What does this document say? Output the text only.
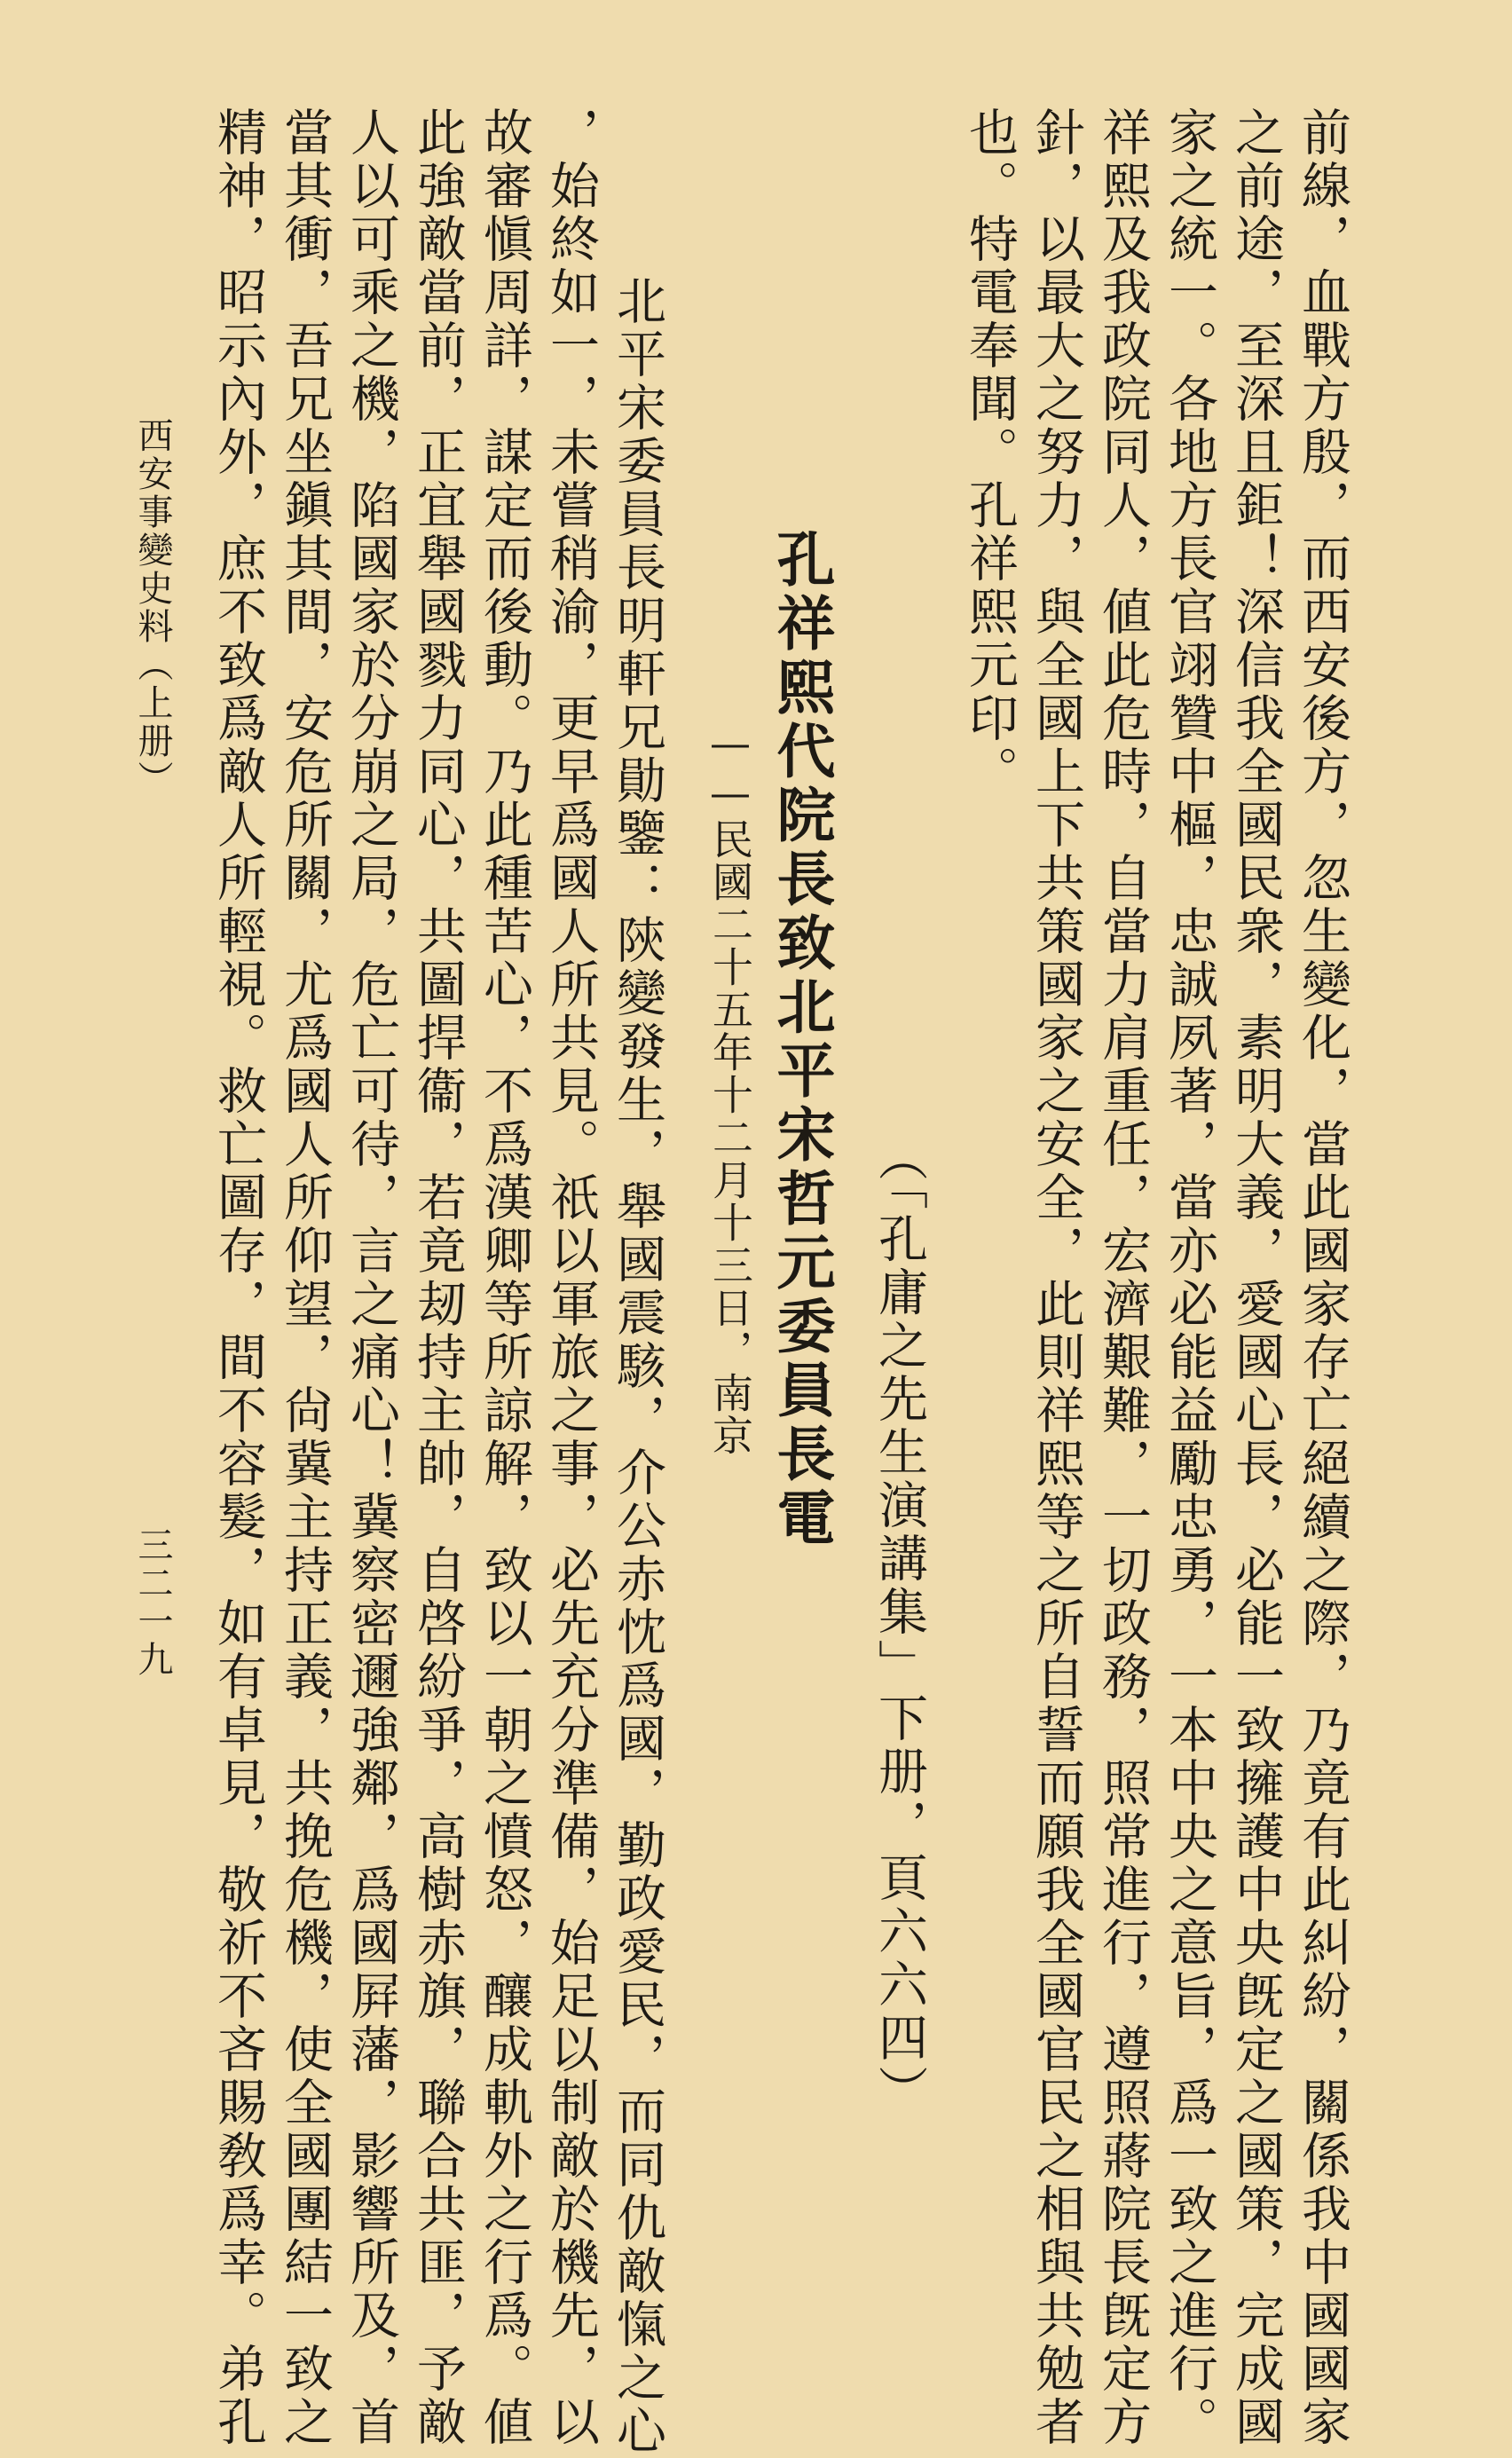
前線，血戰方殷，而西安後方，忽生變化，當此國家存亡絕續之際，乃竟有此糾紛，關係我中國國家
之前途，至深且鉅！深信我全國民衆，素明大義，愛國心長，必能一致擁護中央旣定之國策，完成國
家之統一。各地方長官翊贊中樞，忠誠夙著，當亦必能益勵忠勇，一本中央之意旨，爲一致之進行。
祥熙及我政院同人，値此危時，自當力肩重任，宏濟艱難，一切政務，照常進行，遵照蔣院長旣定方
針，以最大之努力，與全國上下共策國家之安全，此則祥熙等之所自誓而願我全國官民之相與共勉者
也。特電奉聞。孔祥熙元印。
（「孔庸之先生演講集」下册，頁六六四）
孔祥熙代院長致北平宋哲元委員長電
——民國二十五年十二月十三日，南京
北平宋委員長明軒兄勛鑒：陝變發生，舉國震駭，介公赤忱爲國，勤政愛民，而同仇敵愾之心
，始終如一，未嘗稍渝，更早爲國人所共見。祇以軍旅之事，必先充分準備，始足以制敵於機先，以
故審愼周詳，謀定而後動。乃此種苦心，不爲漢卿等所諒解，致以一朝之憤怒，釀成軌外之行爲。値
此強敵當前，正宜舉國戮力同心，共圖捍衞，若竟刼持主帥，自啓紛爭，高樹赤旗，聯合共匪，予敵
人以可乘之機，陷國家於分崩之局，危亡可待，言之痛心！冀察密邇強鄰，爲國屛藩，影響所及，首
當其衝，吾兄坐鎭其間，安危所關，尤爲國人所仰望，尙冀主持正義，共挽危機，使全國團結一致之
精神，昭示內外，庶不致爲敵人所輕視。救亡圖存，間不容髮，如有卓見，敬祈不吝賜敎爲幸。弟孔
西安事變史料（上册）
三二一九
